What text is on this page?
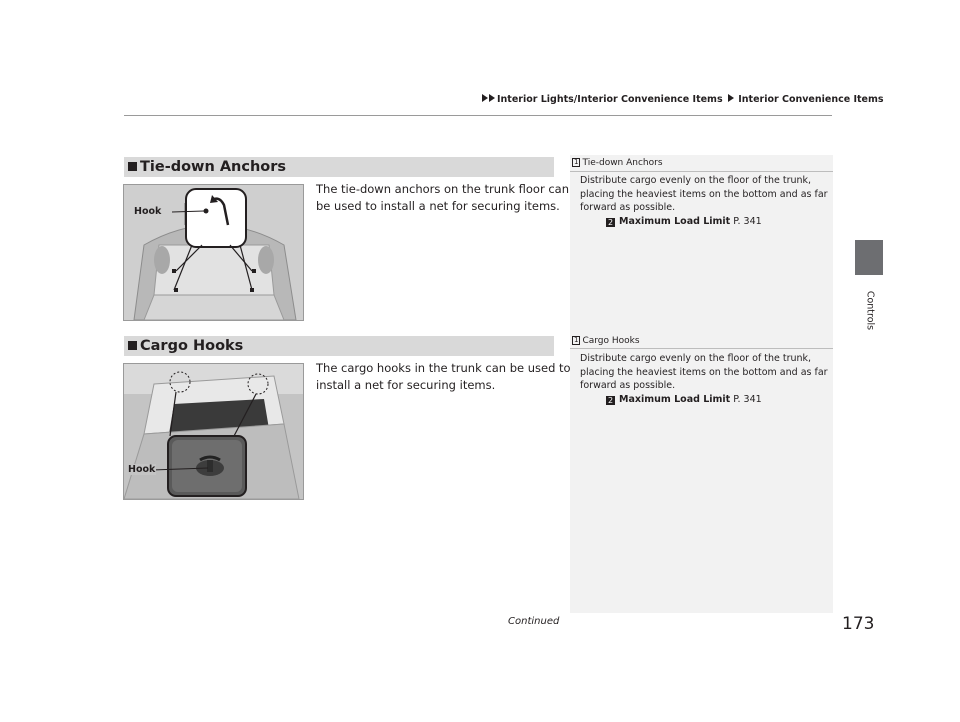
Interior Lights/Interior Convenience Items Interior Convenience Items
Controls
Tie-down Anchors
Hook
The tie-down anchors on the trunk floor can
be used to install a net for securing items.
1 Tie-down Anchors
Distribute cargo evenly on the floor of the trunk,
placing the heaviest items on the bottom and as far
forward as possible.
2 Maximum Load Limit P. 341
Cargo Hooks
Hook
The cargo hooks in the trunk can be used to
install a net for securing items.
1 Cargo Hooks
Distribute cargo evenly on the floor of the trunk,
placing the heaviest items on the bottom and as far
forward as possible.
2 Maximum Load Limit P. 341
Continued	173
